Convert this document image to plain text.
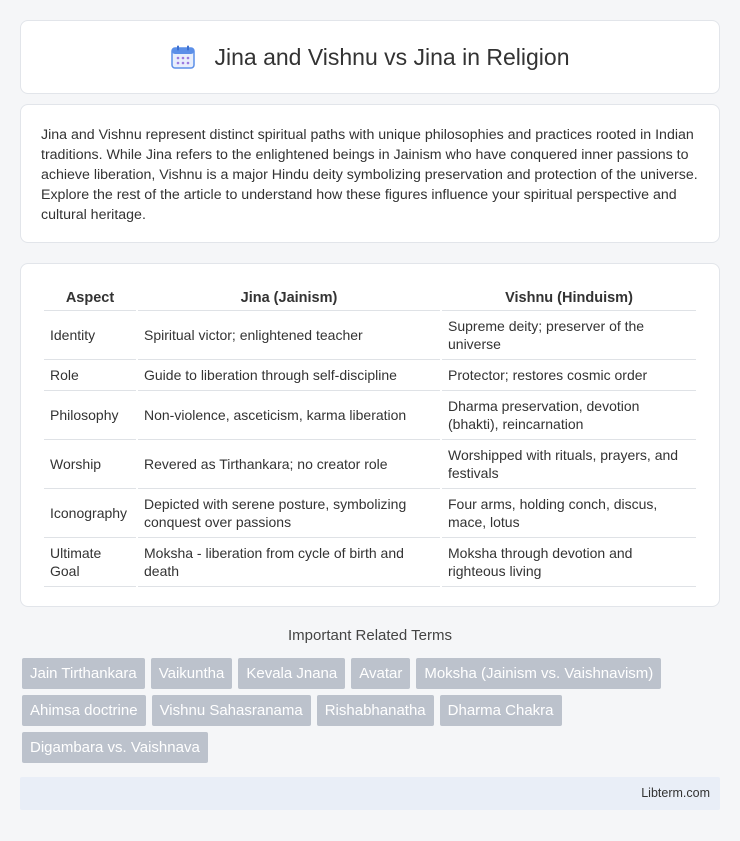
Jina and Vishnu vs Jina in Religion

Jina and Vishnu represent distinct spiritual paths with unique philosophies and practices rooted in Indian traditions. While Jina refers to the enlightened beings in Jainism who have conquered inner passions to achieve liberation, Vishnu is a major Hindu deity symbolizing preservation and protection of the universe. Explore the rest of the article to understand how these figures influence your spiritual perspective and cultural heritage.

Aspect	Jina (Jainism)	Vishnu (Hinduism)
Identity	Spiritual victor; enlightened teacher	Supreme deity; preserver of the universe
Role	Guide to liberation through self-discipline	Protector; restores cosmic order
Philosophy	Non-violence, asceticism, karma liberation	Dharma preservation, devotion (bhakti), reincarnation
Worship	Revered as Tirthankara; no creator role	Worshipped with rituals, prayers, and festivals
Iconography	Depicted with serene posture, symbolizing conquest over passions	Four arms, holding conch, discus, mace, lotus
Ultimate Goal	Moksha - liberation from cycle of birth and death	Moksha through devotion and righteous living
Important Related Terms
Jain Tirthankara	Vaikuntha	Kevala Jnana	Avatar	Moksha (Jainism vs. Vaishnavism)
Ahimsa doctrine	Vishnu Sahasranama	Rishabhanatha	Dharma Chakra
Digambara vs. Vaishnava
Libterm.com
